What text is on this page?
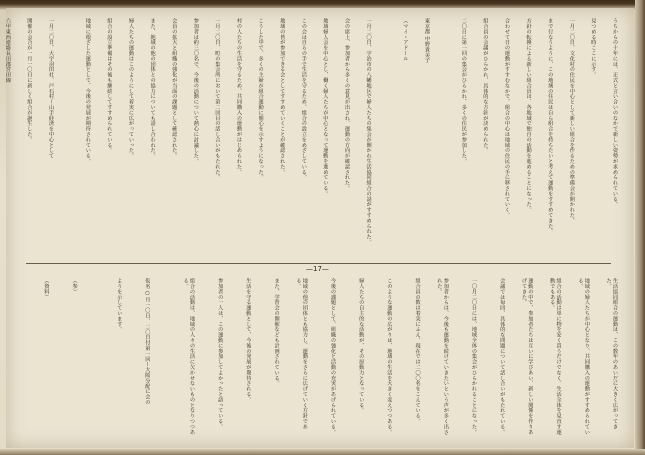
うちからの十年には、正式と言い合いのなかで新しい姿勢が求められている。
見つめる時ここに示す。
一月二〇日、文化村の住民を中心として新しい組合を作るための準備会が開かれた。
まで行なうように、この地域の住民は自ら組合を持ちたいと考えて運動をすすめてきた。
方針の転換による新しい組合員は、各地域で独自の活動を進めることになった。
合わせて日の運動がすすむなかで、組合の中心は地域の住民の手に移されていく。
組合員の会議がひらかれ、具体的な方針が決められた。
二〇日に第一回の集会がひらかれ、多くの住民が参加した。
東京都 中野貴美子
（マイ・アドール
一月二〇日、宇治市の八幡地区で婦人たちの集会が開かれ生活協同組合の話がすすめられた。
会の席上、参加者から多くの意見が出され、運動の方向が確認された。
地域婦人会を中心とし、働く婦人たちが中心となって運動を進めている。
この会は自らの手で生活を守るため、組合の設立をめざしている。
地域の皆が参加できる会としてすすめていくことが確認された。
こうした中で、多くの主婦が組合運動に関心を示すようになった。
村の人たちの生活を守るため、共同購入の運動がはじめられた。
一月二〇日、町の集会所において第二回目の話し合いがもたれた。
参加者は約三〇名で、今後の活動について熱心に討議した。
会員の拡大と組織の強化が当面の課題として確認された。
また、地域の他の団体との協力についても話し合われた。
婦人たちの運動はこのようにして着実に広がっていった。
組合の設立準備はその後も継続してすすめられている。
地域に根ざした運動として、今後の発展が期待されている。
一月二〇日、大宇羽田社、戸石村ー山手経済を中心として
開催の会合が一月一〇日に新しく組合が誕生した。
六甲東西連絡長田郡宮田線
—17—
生活協同組合の運動は、この数年のあいだに大きく広がってきた。
地域の婦人たちが中心となり、共同購入の運動がすすめられている。
組合の活動は単に物を安く買うだけでなく、生活全体を見直す運動でもある。
運動の中で、参加者たちは互いに学びあい、新しい関係を作りあげてきた。
会議では毎回、具体的な問題について話し合いがもたれている。
一〇月二〇日には、地域全体の集会がひらかれることになった。
参加者からは、今後も運動を続けていきたいという声が多く出された。
組合員の数は着実にふえ、現在では二〇〇名をこえている。
このような運動の広がりは、地域の生活を大きく変えつつある。
婦人たちの自主的な活動が、その原動力となっている。
今後の課題として、組織の強化と活動の充実があげられている。
地域の他の団体とも協力し、運動をさらに広げていく方針である。
また、学習会の開催なども計画されている。
生活を守る運動として、今後の発展が期待される。
参加者の一人は、この運動に参加してよかったと語っている。
組合の活動は、地域の人々の生活に欠かせないものとなりつつある。
仮名 ○月一〇日、二〇日付第一回ー大阪分配に会の
ようを示しています。
（参）
（資料）
